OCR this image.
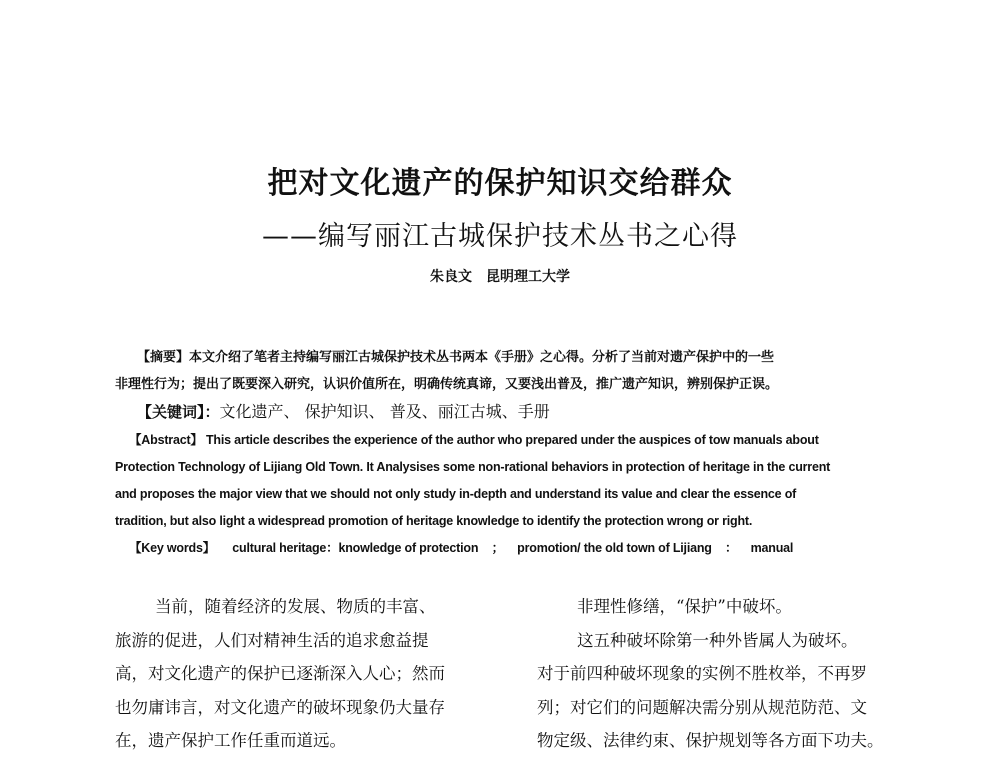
把对文化遗产的保护知识交给群众
——编写丽江古城保护技术丛书之心得
朱良文 昆明理工大学
【摘要】本文介绍了笔者主持编写丽江古城保护技术丛书两本《手册》之心得。分析了当前对遗产保护中的一些
非理性行为；提出了既要深入研究，认识价值所在，明确传统真谛，又要浅出普及，推广遗产知识，辨别保护正误。
【关键词】：文化遗产、 保护知识、 普及、丽江古城、手册
【Abstract】 This article describes the experience of the author who prepared under the auspices of tow manuals about
Protection Technology of Lijiang Old Town. It Analysises some non-rational behaviors in protection of heritage in the current
and proposes the major view that we should not only study in-depth and understand its value and clear the essence of
tradition, but also light a widespread promotion of heritage knowledge to identify the protection wrong or right.
【Key words】 cultural heritage：knowledge of protection ； promotion/ the old town of Lijiang ： manual
当前，随着经济的发展、物质的丰富、
旅游的促进，人们对精神生活的追求愈益提
高，对文化遗产的保护已逐渐深入人心；然而
也勿庸讳言，对文化遗产的破坏现象仍大量存
在，遗产保护工作任重而道远。
非理性修缮，“保护”中破坏。
这五种破坏除第一种外皆属人为破坏。
对于前四种破坏现象的实例不胜枚举，不再罗
列；对它们的问题解决需分别从规范防范、文
物定级、法律约束、保护规划等各方面下功夫。
